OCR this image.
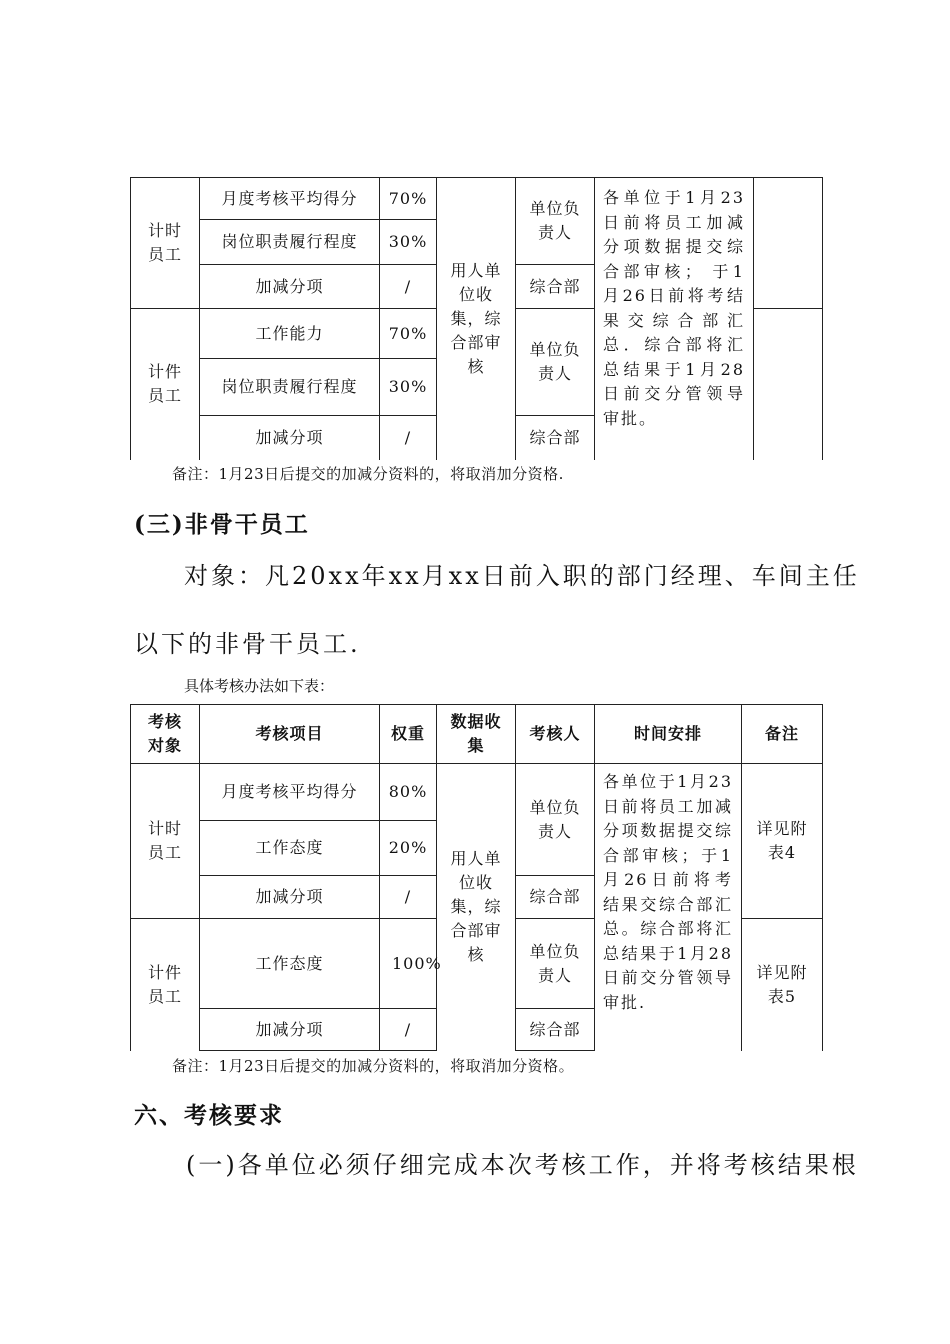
计时员工	月度考核平均得分	70%	用人单位收集，综合部审核	单位负责人	各单位于1月23日前将员工加减分项数据提交综合部审核； 于1月26日前将考结果交综合部汇总．综合部将汇总结果于1月28日前交分管领导审批。	
	岗位职责履行程度	30%				
	加减分项	/		综合部		
计件员工	工作能力	70%		单位负责人		
	岗位职责履行程度	30%				
	加减分项	/		综合部		
备注：1月23日后提交的加减分资料的，将取消加分资格.
(三)非骨干员工
对象：凡20xx年xx月xx日前入职的部门经理、车间主任
以下的非骨干员工.
具体考核办法如下表：
考核对象	考核项目	权重	数据收集	考核人	时间安排	备注
计时员工	月度考核平均得分	80%	用人单位收集，综合部审核	单位负责人	各单位于1月23日前将员工加减分项数据提交综合部审核；于1月26日前将考结果交综合部汇总。综合部将汇总结果于1月28日前交分管领导审批.	详见附表4
	工作态度	20%				
	加减分项	/		综合部		
计件员工	工作态度	100%		单位负责人		详见附表5
	加减分项	/		综合部		
备注：1月23日后提交的加减分资料的，将取消加分资格。
六、考核要求
(一)各单位必须仔细完成本次考核工作，并将考核结果根
